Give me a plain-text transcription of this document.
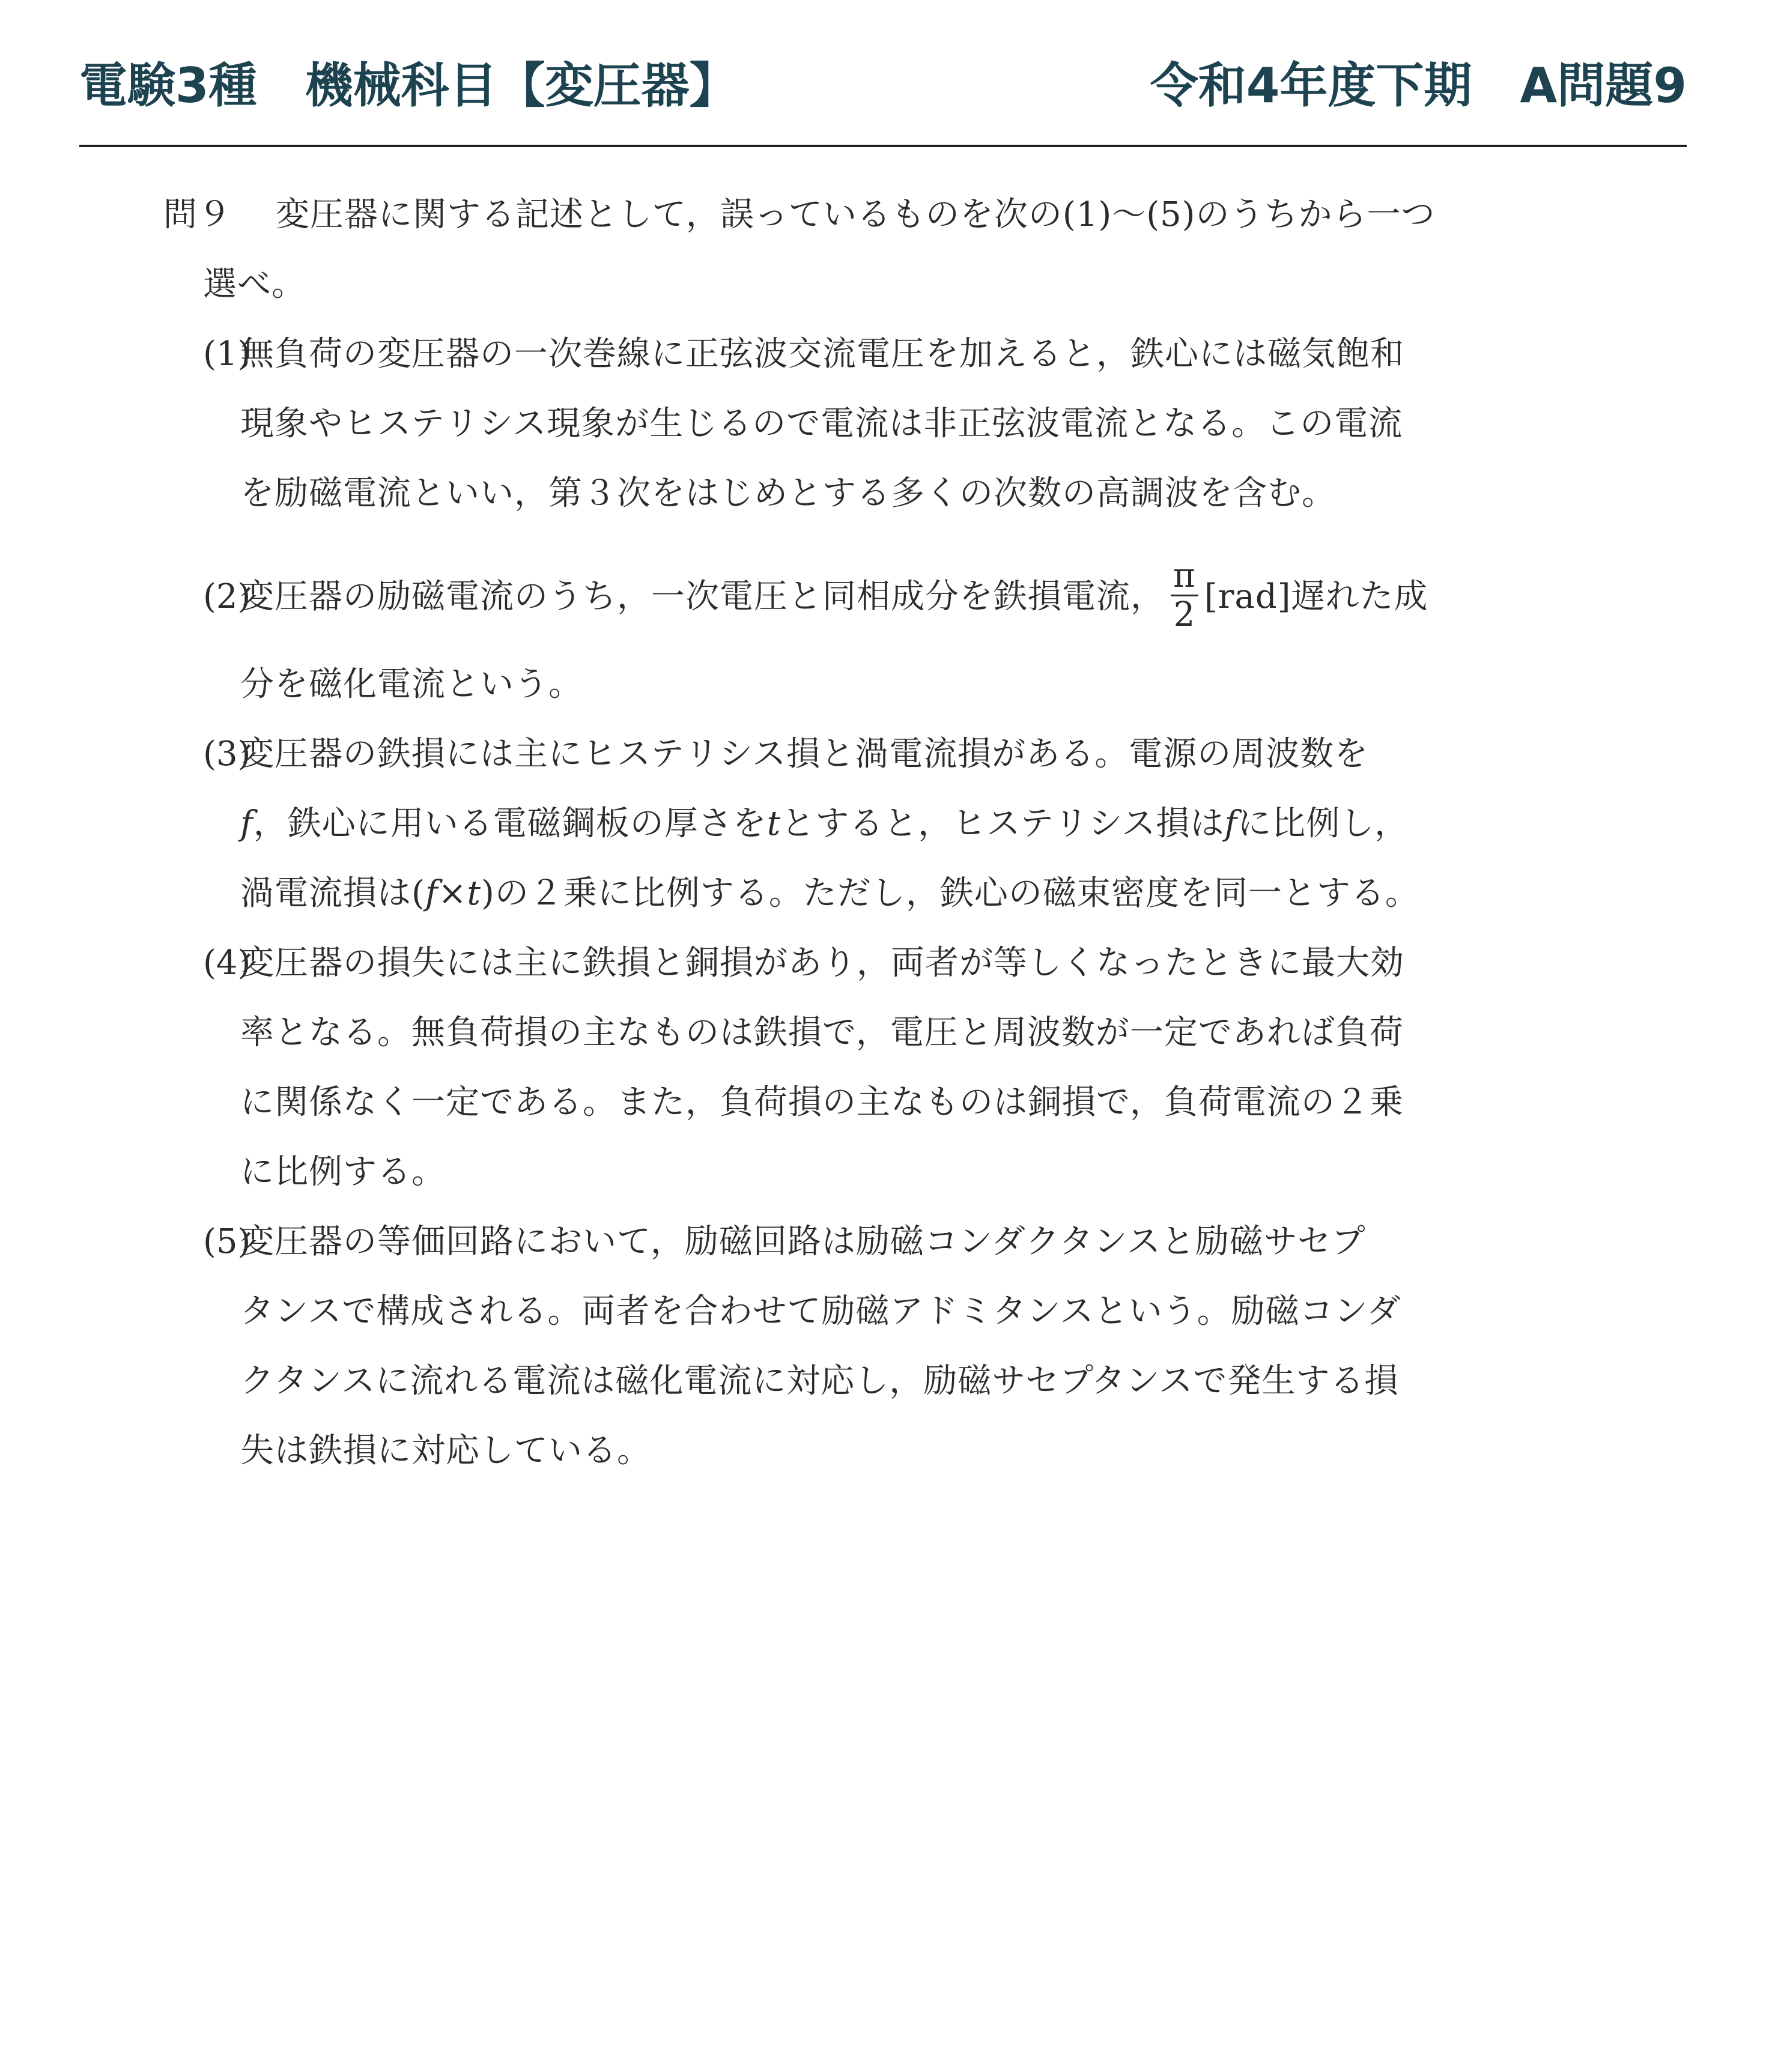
電験3種　機械科目【変圧器】	令和4年度下期　A問題9
問９ 変圧器に関する記述として，誤っているものを次の(1)～(5)のうちから一つ
選べ。
(1)
無負荷の変圧器の一次巻線に正弦波交流電圧を加えると，鉄心には磁気飽和
現象やヒステリシス現象が生じるので電流は非正弦波電流となる。この電流
を励磁電流といい，第３次をはじめとする多くの次数の高調波を含む。
(2)
変圧器の励磁電流のうち，一次電圧と同相成分を鉄損電流， $\frac{\pi}{2} [rad]$遅れた成
分を磁化電流という。
(3)
変圧器の鉄損には主にヒステリシス損と渦電流損がある。電源の周波数を
f，鉄心に用いる電磁鋼板の厚さをtとすると，ヒステリシス損はfに比例し，
渦電流損は(f×t)の２乗に比例する。ただし，鉄心の磁束密度を同一とする。
(4)
変圧器の損失には主に鉄損と銅損があり，両者が等しくなったときに最大効
率となる。無負荷損の主なものは鉄損で，電圧と周波数が一定であれば負荷
に関係なく一定である。また，負荷損の主なものは銅損で，負荷電流の２乗
に比例する。
(5)
変圧器の等価回路において，励磁回路は励磁コンダクタンスと励磁サセプ
タンスで構成される。両者を合わせて励磁アドミタンスという。励磁コンダ
クタンスに流れる電流は磁化電流に対応し，励磁サセプタンスで発生する損
失は鉄損に対応している。
